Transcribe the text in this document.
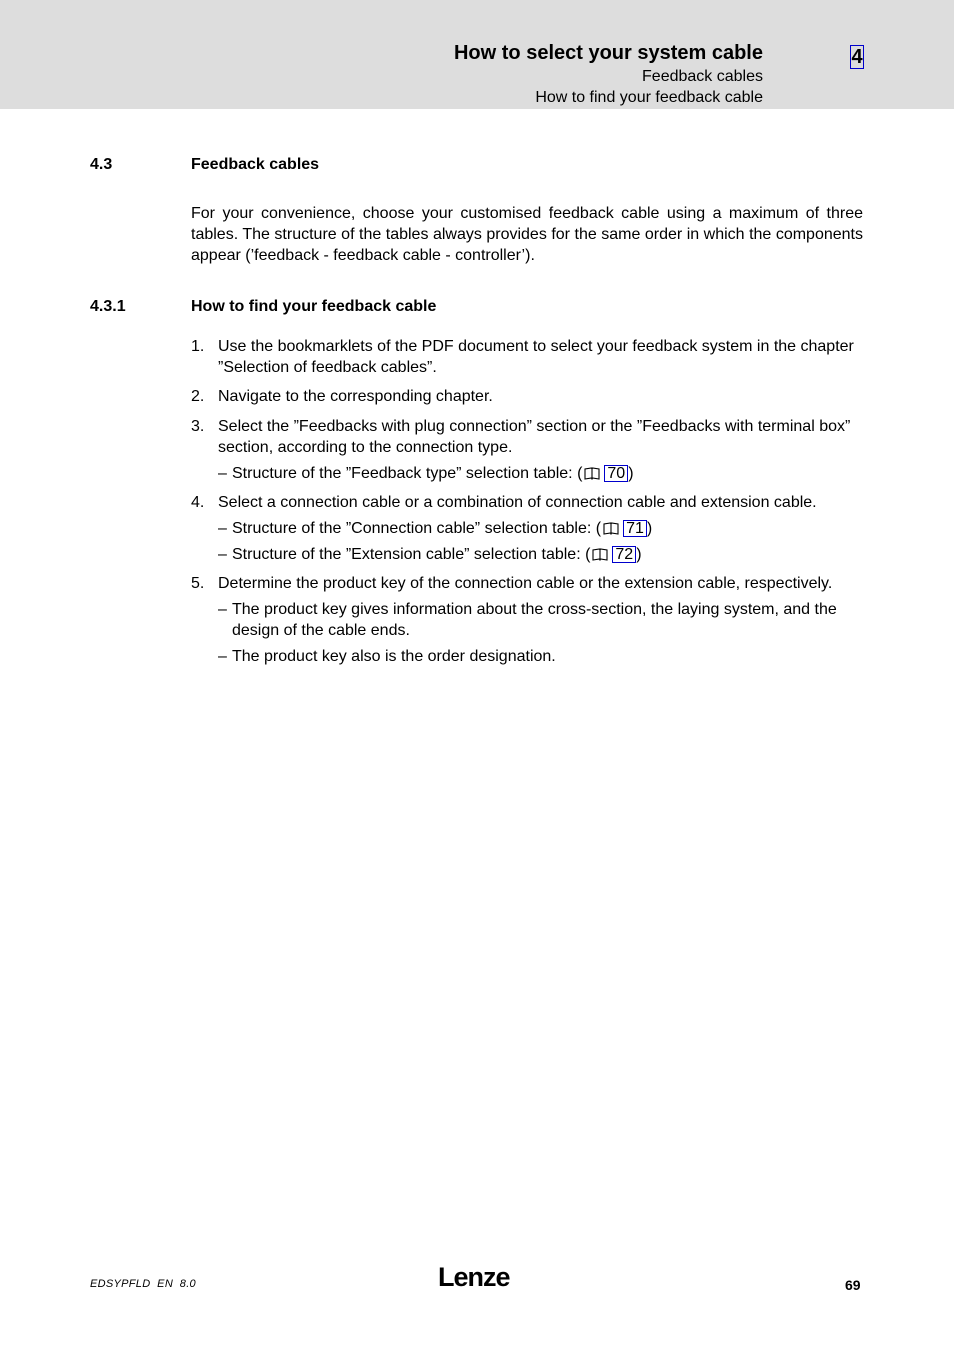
How to select your system cable
Feedback cables
How to find your feedback cable
4
4.3	Feedback cables
For your convenience, choose your customised feedback cable using a maximum of three tables. The structure of the tables always provides for the same order in which the components appear (’feedback - feedback cable - controller’).
4.3.1	How to find your feedback cable
1. Use the bookmarklets of the PDF document to select your feedback system in the chapter ”Selection of feedback cables”.
2. Navigate to the corresponding chapter.
3. Select the ”Feedbacks with plug connection” section or the ”Feedbacks with terminal box” section, according to the connection type.
– Structure of the ”Feedback type” selection table: ( 70 )
4. Select a connection cable or a combination of connection cable and extension cable.
– Structure of the ”Connection cable” selection table: ( 71 )
– Structure of the ”Extension cable” selection table: ( 72 )
5. Determine the product key of the connection cable or the extension cable, respectively.
– The product key gives information about the cross-section, the laying system, and the design of the cable ends.
– The product key also is the order designation.
EDSYPFLD  EN  8.0	Lenze	69
